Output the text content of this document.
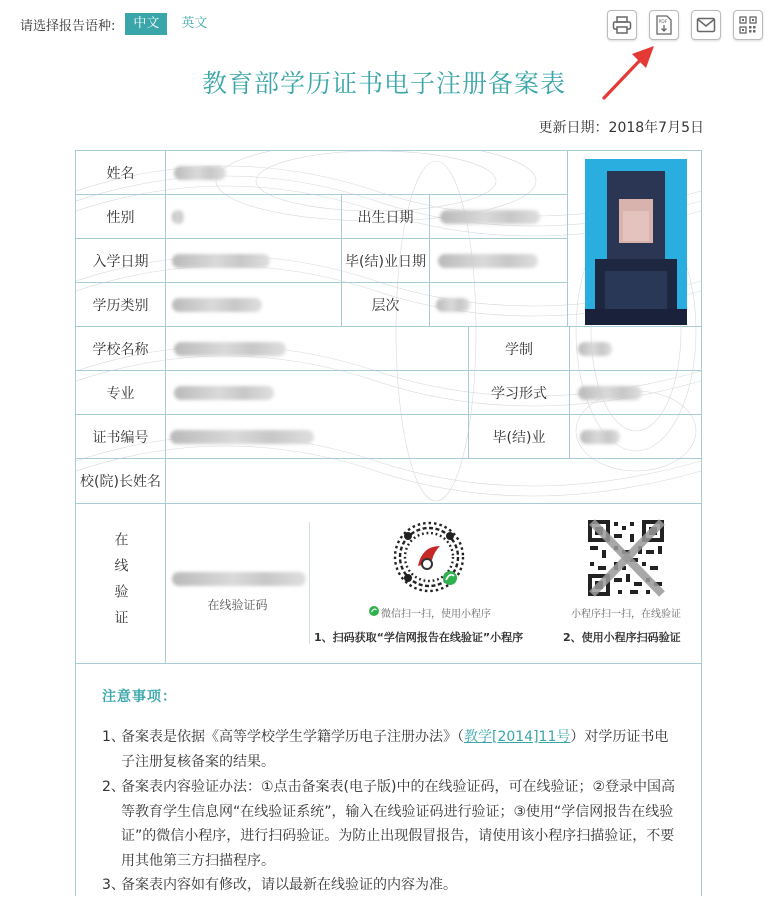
请选择报告语种:	中文	英文	PDF
教育部学历证书电子注册备案表
更新日期：2018年7月5日
姓名
性别	出生日期
入学日期	毕(结)业日期
学历类别	层次
学校名称	学制
专业	学习形式
证书编号	毕(结)业
校(院)长姓名
在线验证	在线验证码
微信扫一扫，使用小程序	小程序扫一扫，在线验证
1、扫码获取“学信网报告在线验证”小程序	2、使用小程序扫码验证
注意事项：
1、
备案表是依据《高等学校学生学籍学历电子注册办法》（教学[2014]11号）对学历证书电子注册复核备案的结果。
2、
备案表内容验证办法：①点击备案表(电子版)中的在线验证码，可在线验证；②登录中国高等教育学生信息网“在线验证系统”，输入在线验证码进行验证；③使用“学信网报告在线验证”的微信小程序，进行扫码验证。为防止出现假冒报告，请使用该小程序扫描验证，不要用其他第三方扫描程序。
3、
备案表内容如有修改，请以最新在线验证的内容为准。
